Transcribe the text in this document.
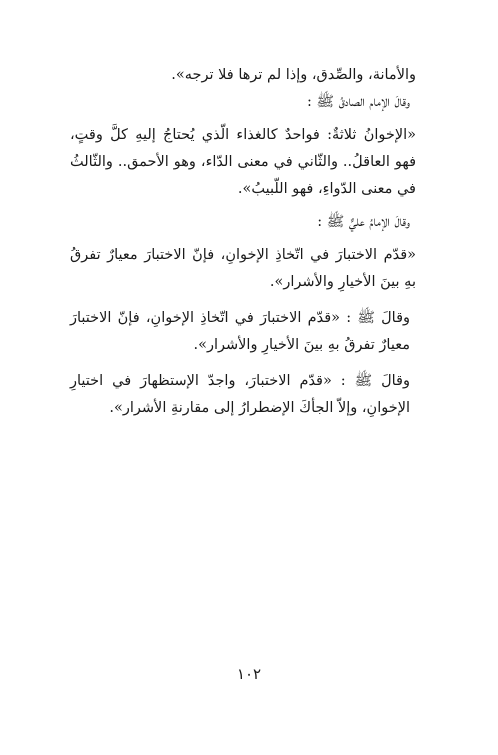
والأمانة، والصِّدق، وإذا لم ترها فلا ترجه».

وقالَ الإمام الصادقُ ﷺ :

«الإخوانُ ثلاثةٌ: فواحدٌ كالغذاء الّذي يُحتاجُ إليهِ كلَّ وقتٍ، فهو العاقلُ.. والثّاني في معنى الدّاء، وهو الأحمق.. والثّالثُ في معنى الدّواءِ، فهو اللّبيبُ».

وقالَ الإمامُ عليٌّ ﷺ :

«قدّم الاختبارَ في اتّخاذِ الإخوانِ، فإنّ الاختبارَ معيارٌ تفرقُ بهِ بينَ الأخيارِ والأشرار».

وقالَ ﷺ : «قدّم الاختبارَ في اتّخاذِ الإخوانِ، فإنّ الاختبارَ معيارٌ تفرقُ بهِ بينَ الأخيارِ والأشرار».

وقالَ ﷺ : «قدّم الاختبارَ، واجدّ الإستظهارَ في اختيارِ الإخوانِ، وإلاّ الجأكَ الإضطرارُ إلى مقارنةِ الأشرار».

١٠٢
